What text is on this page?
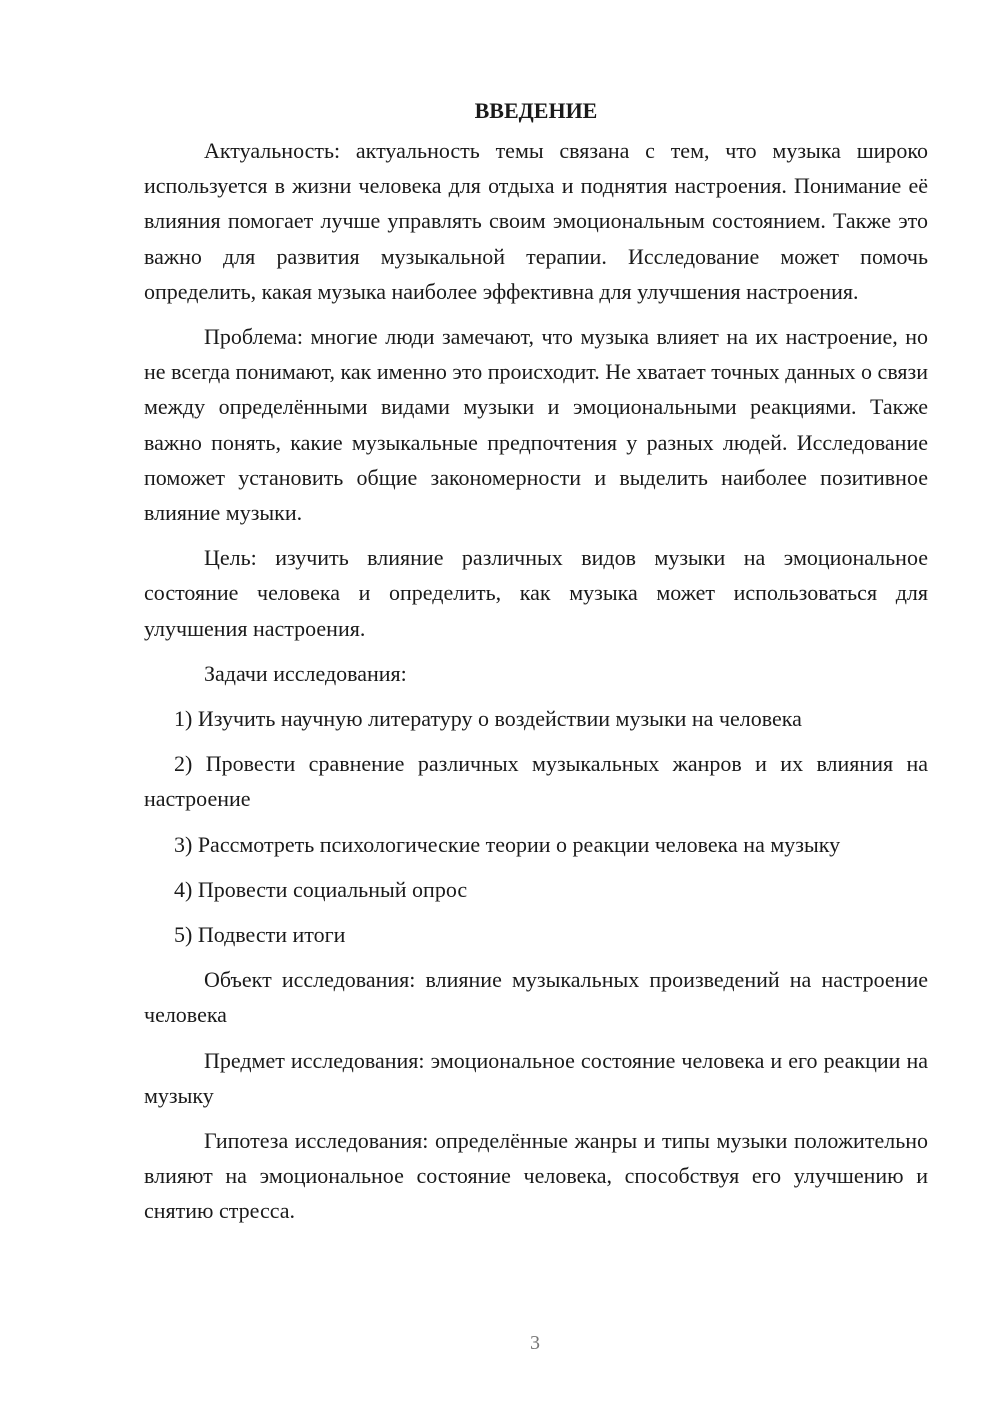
ВВЕДЕНИЕ

Актуальность: актуальность темы связана с тем, что музыка широко используется в жизни человека для отдыха и поднятия настроения. Понимание её влияния помогает лучше управлять своим эмоциональным состоянием. Также это важно для развития музыкальной терапии. Исследование может помочь определить, какая музыка наиболее эффективна для улучшения настроения.

Проблема: многие люди замечают, что музыка влияет на их настроение, но не всегда понимают, как именно это происходит. Не хватает точных данных о связи между определёнными видами музыки и эмоциональными реакциями. Также важно понять, какие музыкальные предпочтения у разных людей. Исследование поможет установить общие закономерности и выделить наиболее позитивное влияние музыки.

Цель: изучить влияние различных видов музыки на эмоциональное состояние человека и определить, как музыка может использоваться для улучшения настроения.

Задачи исследования:

1) Изучить научную литературу о воздействии музыки на человека

2) Провести сравнение различных музыкальных жанров и их влияния на настроение

3) Рассмотреть психологические теории о реакции человека на музыку

4) Провести социальный опрос

5) Подвести итоги

Объект исследования: влияние музыкальных произведений на настроение человека

Предмет исследования: эмоциональное состояние человека и его реакции на музыку

Гипотеза исследования: определённые жанры и типы музыки положительно влияют на эмоциональное состояние человека, способствуя его улучшению и снятию стресса.

3
